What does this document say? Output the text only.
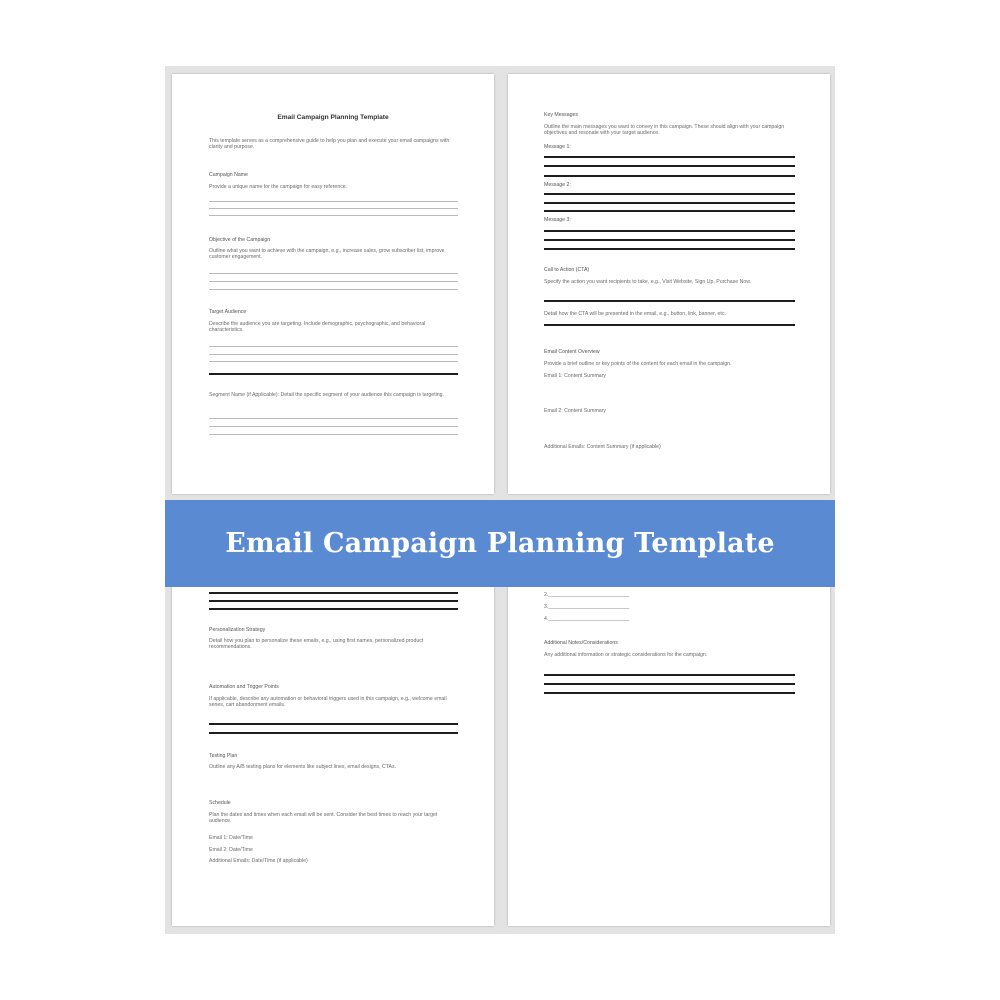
Email Campaign Planning Template
This template serves as a comprehensive guide to help you plan and execute your email campaigns with clarity and purpose.
Campaign Name
Provide a unique name for the campaign for easy reference.
Objective of the Campaign
Outline what you want to achieve with the campaign, e.g., increase sales, grow subscriber list, improve customer engagement.
Target Audience
Describe the audience you are targeting. Include demographic, psychographic, and behavioral characteristics.
Segment Name (if Applicable): Detail the specific segment of your audience this campaign is targeting.
Key Messages
Outline the main messages you want to convey in this campaign. These should align with your campaign objectives and resonate with your target audience.
Message 1:
Message 2:
Message 3:
Call to Action (CTA)
Specify the action you want recipients to take, e.g., Visit Website, Sign Up, Purchase Now.
Detail how the CTA will be presented in the email, e.g., button, link, banner, etc.
Email Content Overview
Provide a brief outline or key points of the content for each email in the campaign.
Email 1: Content Summary
Email 2: Content Summary
Additional Emails: Content Summary (if applicable)
Personalization Strategy
Detail how you plan to personalize these emails, e.g., using first names, personalized product recommendations.
Automation and Trigger Points
If applicable, describe any automation or behavioral triggers used in this campaign, e.g., welcome email series, cart abandonment emails.
Testing Plan
Outline any A/B testing plans for elements like subject lines, email designs, CTAs.
Schedule
Plan the dates and times when each email will be sent. Consider the best times to reach your target audience.
Email 1: Date/Time
Email 2: Date/Time
Additional Emails: Date/Time (if applicable)
2.____________________________
3.____________________________
4.____________________________
Additional Notes/Considerations
Any additional information or strategic considerations for the campaign.
Email Campaign Planning Template
